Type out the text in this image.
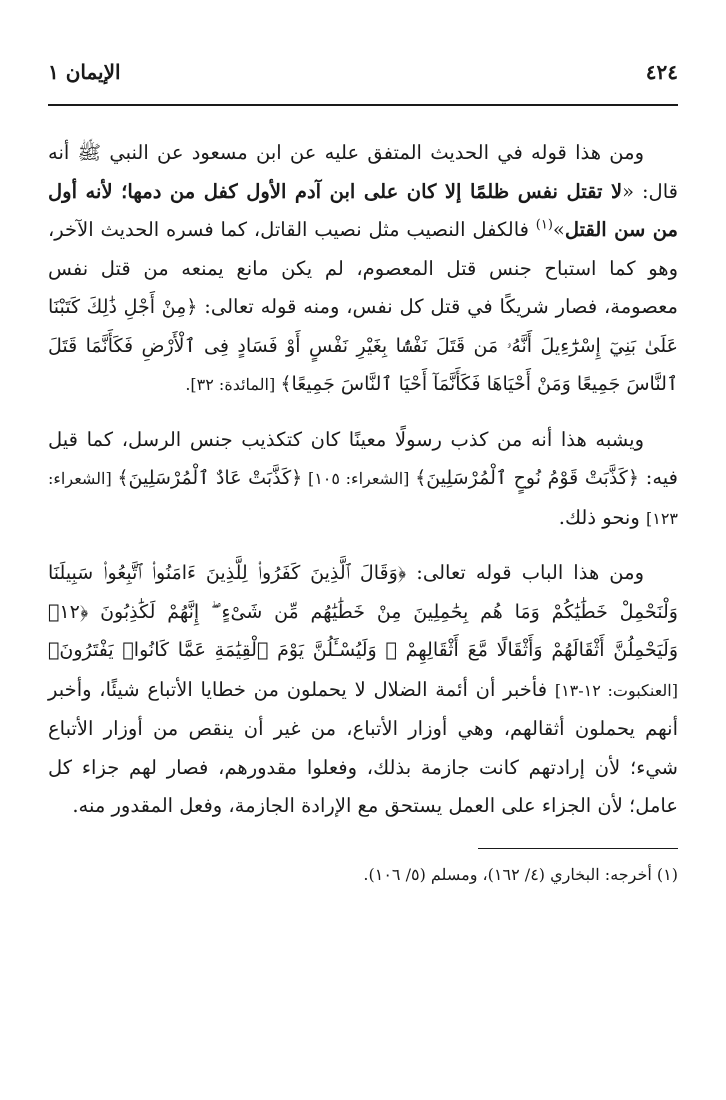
٤٢٤
الإيمان ١

ومن هذا قوله في الحديث المتفق عليه عن ابن مسعود عن النبي ﷺ أنه قال: «لا تقتل نفس ظلمًا إلا كان على ابن آدم الأول كفل من دمها؛ لأنه أول من سن القتل»$^{(١)}$ فالكفل النصيب مثل نصيب القاتل، كما فسره الحديث الآخر، وهو كما استباح جنس قتل المعصوم، لم يكن مانع يمنعه من قتل نفس معصومة، فصار شريكًا في قتل كل نفس، ومنه قوله تعالى: ﴿مِنْ أَجْلِ ذَٰلِكَ كَتَبْنَا عَلَىٰ بَنِيٓ إِسْرَٰٓءِيلَ أَنَّهُۥ مَن قَتَلَ نَفْسًۢا بِغَيْرِ نَفْسٍ أَوْ فَسَادٍ فِى ٱلْأَرْضِ فَكَأَنَّمَا قَتَلَ ٱلنَّاسَ جَمِيعًا وَمَنْ أَحْيَاهَا فَكَأَنَّمَآ أَحْيَا ٱلنَّاسَ جَمِيعًا﴾ [المائدة: ٣٢].

ويشبه هذا أنه من كذب رسولًا معينًا كان كتكذيب جنس الرسل، كما قيل فيه: ﴿كَذَّبَتْ قَوْمُ نُوحٍ ٱلْمُرْسَلِينَ﴾ [الشعراء: ١٠٥] ﴿كَذَّبَتْ عَادٌ ٱلْمُرْسَلِينَ﴾ [الشعراء: ١٢٣] ونحو ذلك.

ومن هذا الباب قوله تعالى: ﴿وَقَالَ ٱلَّذِينَ كَفَرُوا۟ لِلَّذِينَ ءَامَنُوا۟ ٱتَّبِعُوا۟ سَبِيلَنَا وَلْنَحْمِلْ خَطَٰيَٰكُمْ وَمَا هُم بِحَٰمِلِينَ مِنْ خَطَٰيَٰهُم مِّن شَىْءٍ ۖ إِنَّهُمْ لَكَٰذِبُونَ ﴿١٢﴾ وَلَيَحْمِلُنَّ أَثْقَالَهُمْ وَأَثْقَالًا مَّعَ أَثْقَالِهِمْ ۖ وَلَيُسْـَٔلُنَّ يَوْمَ ٱلْقِيَٰمَةِ عَمَّا كَانُوا۟ يَفْتَرُونَ﴾ [العنكبوت: ١٢-١٣] فأخبر أن أئمة الضلال لا يحملون من خطايا الأتباع شيئًا، وأخبر أنهم يحملون أثقالهم، وهي أوزار الأتباع، من غير أن ينقص من أوزار الأتباع شيء؛ لأن إرادتهم كانت جازمة بذلك، وفعلوا مقدورهم، فصار لهم جزاء كل عامل؛ لأن الجزاء على العمل يستحق مع الإرادة الجازمة، وفعل المقدور منه.

(١) أخرجه: البخاري (٤/ ١٦٢)، ومسلم (٥/ ١٠٦).
